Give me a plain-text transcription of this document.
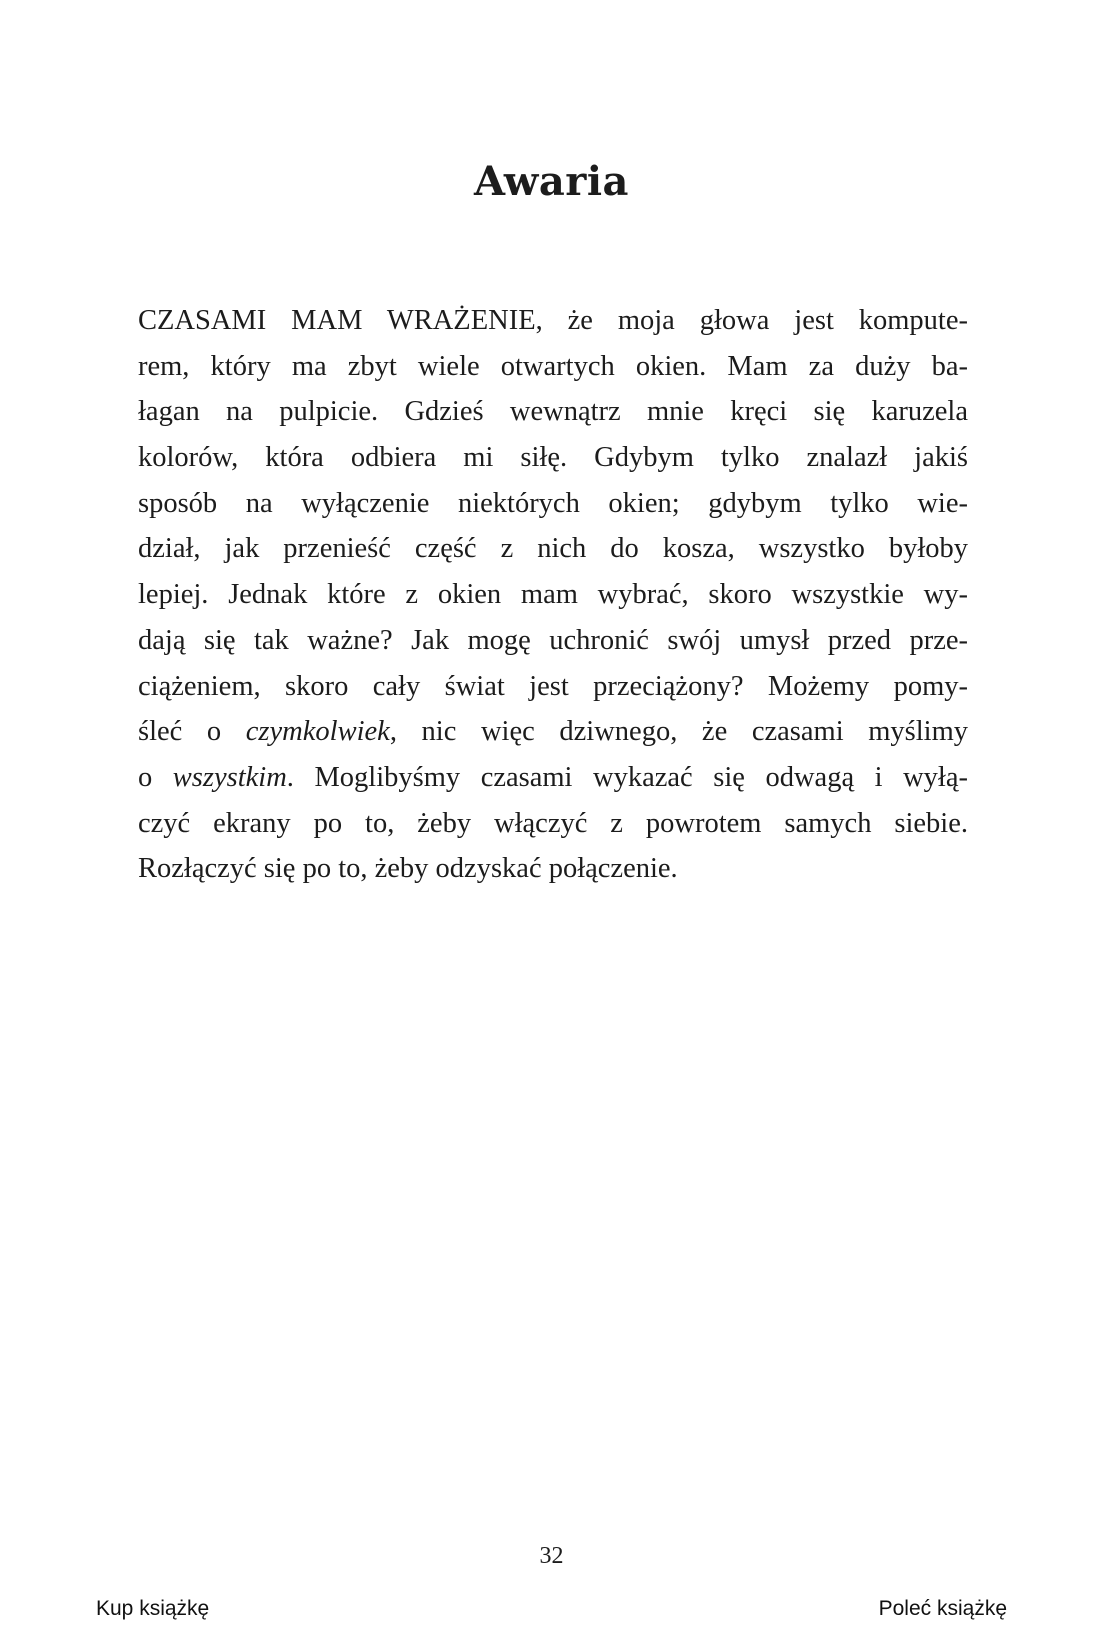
Awaria
CZASAMI MAM WRAŻENIE, że moja głowa jest kompute-
rem, który ma zbyt wiele otwartych okien. Mam za duży ba-
łagan na pulpicie. Gdzieś wewnątrz mnie kręci się karuzela
kolorów, która odbiera mi siłę. Gdybym tylko znalazł jakiś
sposób na wyłączenie niektórych okien; gdybym tylko wie-
dział, jak przenieść część z nich do kosza, wszystko byłoby
lepiej. Jednak które z okien mam wybrać, skoro wszystkie wy-
dają się tak ważne? Jak mogę uchronić swój umysł przed prze-
ciążeniem, skoro cały świat jest przeciążony? Możemy pomy-
śleć o czymkolwiek, nic więc dziwnego, że czasami myślimy
o wszystkim. Moglibyśmy czasami wykazać się odwagą i wyłą-
czyć ekrany po to, żeby włączyć z powrotem samych siebie.
Rozłączyć się po to, żeby odzyskać połączenie.
32
Kup książkę	Poleć książkę
